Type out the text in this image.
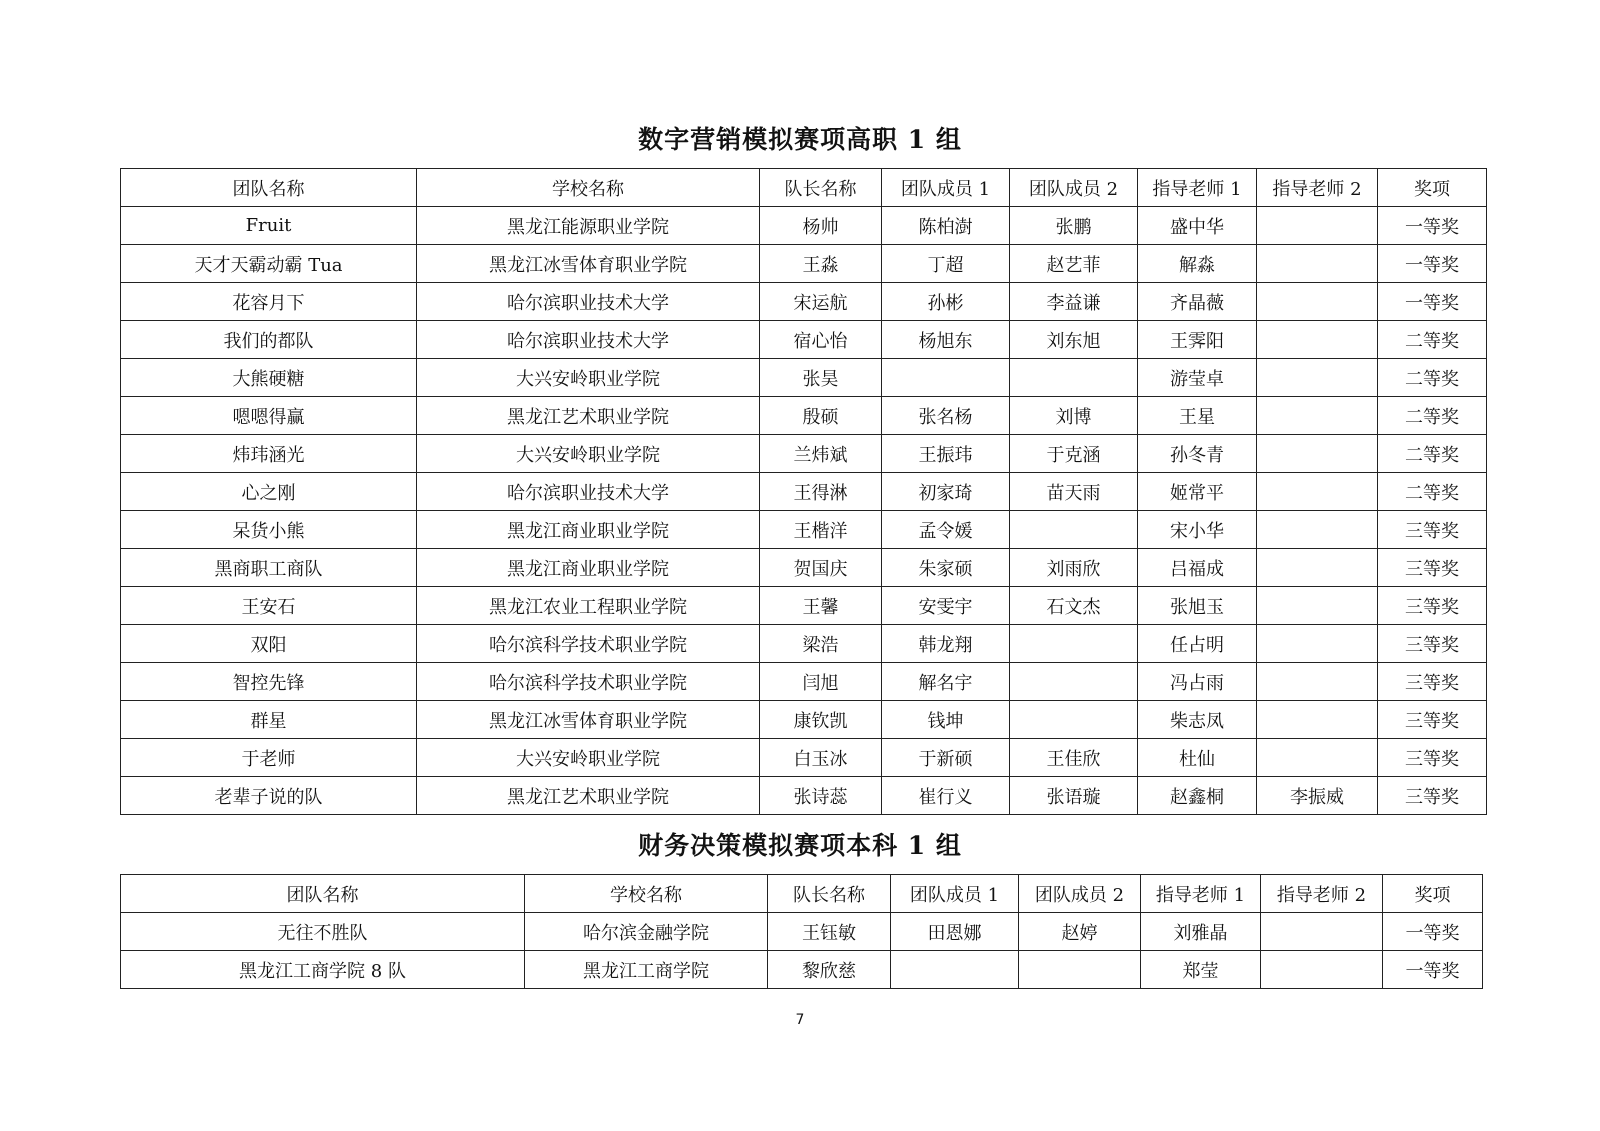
数字营销模拟赛项高职 1 组
团队名称	学校名称	队长名称	团队成员 1	团队成员 2	指导老师 1	指导老师 2	奖项
Fruit	黑龙江能源职业学院	杨帅	陈柏澍	张鹏	盛中华		一等奖
天才天霸动霸 Tua	黑龙江冰雪体育职业学院	王淼	丁超	赵艺菲	解淼		一等奖
花容月下	哈尔滨职业技术大学	宋运航	孙彬	李益谦	齐晶薇		一等奖
我们的都队	哈尔滨职业技术大学	宿心怡	杨旭东	刘东旭	王霁阳		二等奖
大熊硬糖	大兴安岭职业学院	张昊			游莹卓		二等奖
嗯嗯得赢	黑龙江艺术职业学院	殷硕	张名杨	刘博	王星		二等奖
炜玮涵光	大兴安岭职业学院	兰炜斌	王振玮	于克涵	孙冬青		二等奖
心之刚	哈尔滨职业技术大学	王得淋	初家琦	苗天雨	姬常平		二等奖
呆货小熊	黑龙江商业职业学院	王楷洋	孟令媛		宋小华		三等奖
黑商职工商队	黑龙江商业职业学院	贺国庆	朱家硕	刘雨欣	吕福成		三等奖
王安石	黑龙江农业工程职业学院	王馨	安雯宇	石文杰	张旭玉		三等奖
双阳	哈尔滨科学技术职业学院	梁浩	韩龙翔		任占明		三等奖
智控先锋	哈尔滨科学技术职业学院	闫旭	解名宇		冯占雨		三等奖
群星	黑龙江冰雪体育职业学院	康钦凯	钱坤		柴志凤		三等奖
于老师	大兴安岭职业学院	白玉冰	于新硕	王佳欣	杜仙		三等奖
老辈子说的队	黑龙江艺术职业学院	张诗蕊	崔行义	张语璇	赵鑫桐	李振威	三等奖
财务决策模拟赛项本科 1 组
团队名称	学校名称	队长名称	团队成员 1	团队成员 2	指导老师 1	指导老师 2	奖项
无往不胜队	哈尔滨金融学院	王钰敏	田恩娜	赵婷	刘雅晶		一等奖
黑龙江工商学院 8 队	黑龙江工商学院	黎欣慈			郑莹		一等奖
7
